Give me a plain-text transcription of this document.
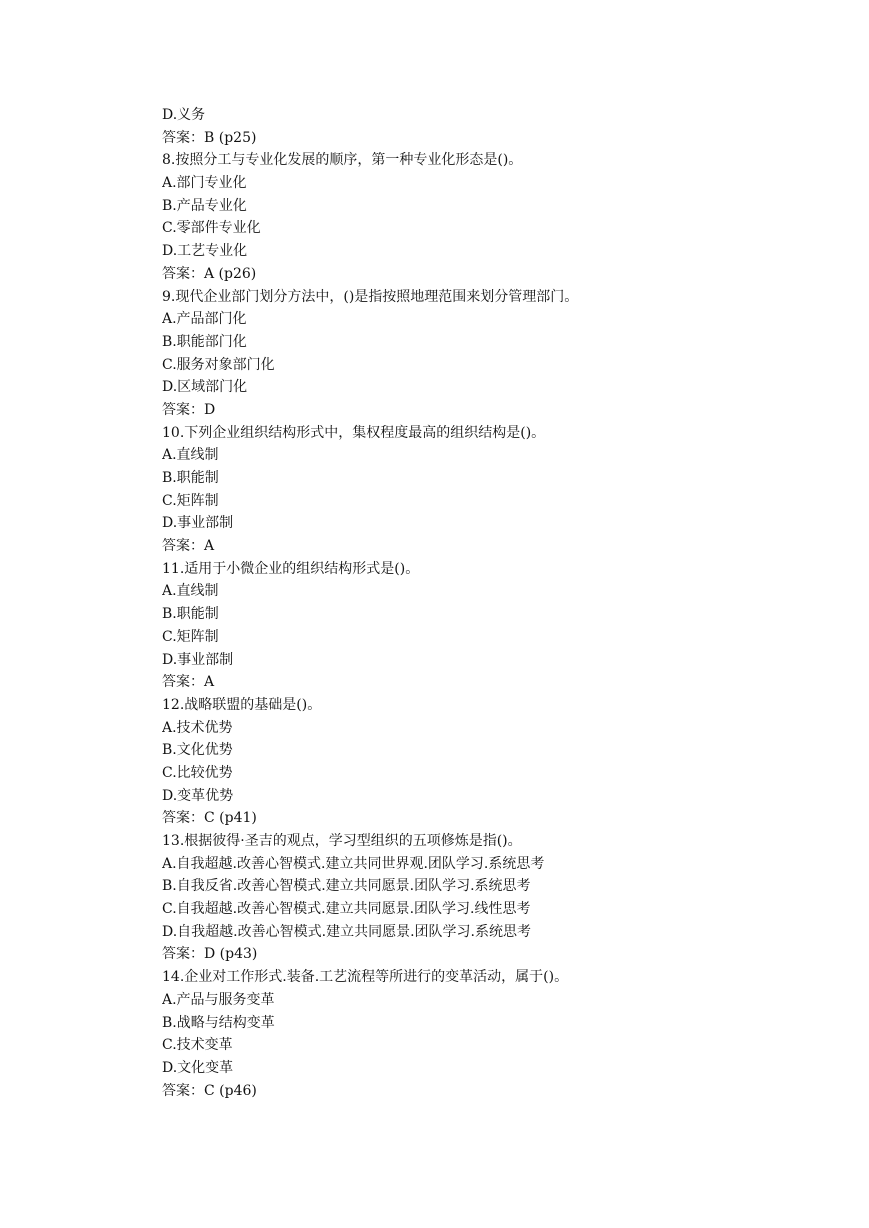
D.义务
答案：B (p25)
8.按照分工与专业化发展的顺序，第一种专业化形态是()。
A.部门专业化
B.产品专业化
C.零部件专业化
D.工艺专业化
答案：A (p26)
9.现代企业部门划分方法中，()是指按照地理范围来划分管理部门。
A.产品部门化
B.职能部门化
C.服务对象部门化
D.区域部门化
答案：D
10.下列企业组织结构形式中，集权程度最高的组织结构是()。
A.直线制
B.职能制
C.矩阵制
D.事业部制
答案：A
11.适用于小微企业的组织结构形式是()。
A.直线制
B.职能制
C.矩阵制
D.事业部制
答案：A
12.战略联盟的基础是()。
A.技术优势
B.文化优势
C.比较优势
D.变革优势
答案：C (p41)
13.根据彼得·圣吉的观点，学习型组织的五项修炼是指()。
A.自我超越.改善心智模式.建立共同世界观.团队学习.系统思考
B.自我反省.改善心智模式.建立共同愿景.团队学习.系统思考
C.自我超越.改善心智模式.建立共同愿景.团队学习.线性思考
D.自我超越.改善心智模式.建立共同愿景.团队学习.系统思考
答案：D (p43)
14.企业对工作形式.装备.工艺流程等所进行的变革活动，属于()。
A.产品与服务变革
B.战略与结构变革
C.技术变革
D.文化变革
答案：C (p46)
